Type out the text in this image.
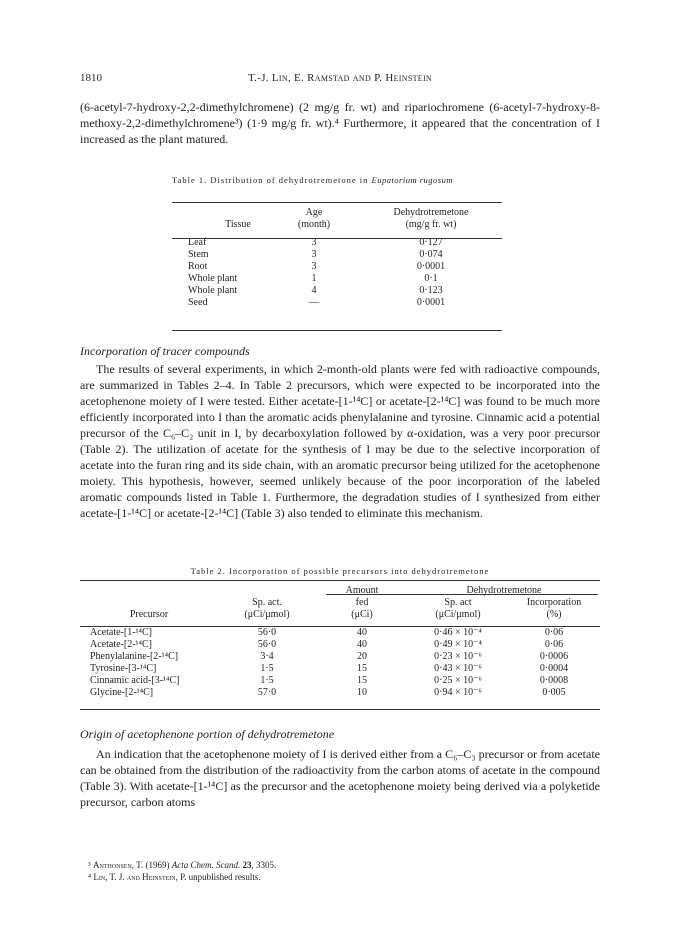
1810	T.-J. Lin, E. Ramstad and P. Heinstein

(6-acetyl-7-hydroxy-2,2-dimethylchromene) (2 mg/g fr. wt) and ripariochromene (6-acetyl-7-hydroxy-8-methoxy-2,2-dimethylchromene³) (1·9 mg/g fr. wt).⁴ Furthermore, it appeared that the concentration of I increased as the plant matured.

Table 1. Distribution of dehydrotremetone in Eupatorium rugosum
	Age	Dehydrotremetone
Tissue	(month)	(mg/g fr. wt)

Leaf	3	0·127
Stem	3	0·074
Root	3	0·0001
Whole plant	1	0·1
Whole plant	4	0·123
Seed	—	0·0001
Incorporation of tracer compounds

The results of several experiments, in which 2-month-old plants were fed with radioactive compounds, are summarized in Tables 2–4. In Table 2 precursors, which were expected to be incorporated into the acetophenone moiety of I were tested. Either acetate-[1-¹⁴C] or acetate-[2-¹⁴C] was found to be much more efficiently incorporated into I than the aromatic acids phenylalanine and tyrosine. Cinnamic acid a potential precursor of the C₆–C₂ unit in I, by decarboxylation followed by α-oxidation, was a very poor precursor (Table 2). The utilization of acetate for the synthesis of I may be due to the selective incorporation of acetate into the furan ring and its side chain, with an aromatic precursor being utilized for the acetophenone moiety. This hypothesis, however, seemed unlikely because of the poor incorporation of the labeled aromatic compounds listed in Table 1. Furthermore, the degradation studies of I synthesized from either acetate-[1-¹⁴C] or acetate-[2-¹⁴C] (Table 3) also tended to eliminate this mechanism.

Table 2. Incorporation of possible precursors into dehydrotremetone
		Amount	Dehydrotremetone	
	Sp. act.	fed	Sp. act	Incorporation
Precursor	(μCi/μmol)	(μCi)	(μCi/μmol)	(%)

Acetate-[1-¹⁴C]	56·0	40	0·46 × 10⁻⁴	0·06
Acetate-[2-¹⁴C]	56·0	40	0·49 × 10⁻⁴	0·06
Phenylalanine-[2-¹⁴C]	3·4	20	0·23 × 10⁻⁶	0·0006
Tyrosine-[3-¹⁴C]	1·5	15	0·43 × 10⁻⁶	0·0004
Cinnamic acid-[3-¹⁴C]	1·5	15	0·25 × 10⁻⁶	0·0008
Glycine-[2-¹⁴C]	57·0	10	0·94 × 10⁻⁶	0·005
Origin of acetophenone portion of dehydrotremetone

An indication that the acetophenone moiety of I is derived either from a C₆–C₃ precursor or from acetate can be obtained from the distribution of the radioactivity from the carbon atoms of acetate in the compound (Table 3). With acetate-[1-¹⁴C] as the precursor and the acetophenone moiety being derived via a polyketide precursor, carbon atoms

³ Anthonsen, T. (1969) Acta Chem. Scand. 23, 3305.

⁴ Lin, T. J. and Heinstein, P. unpublished results.
